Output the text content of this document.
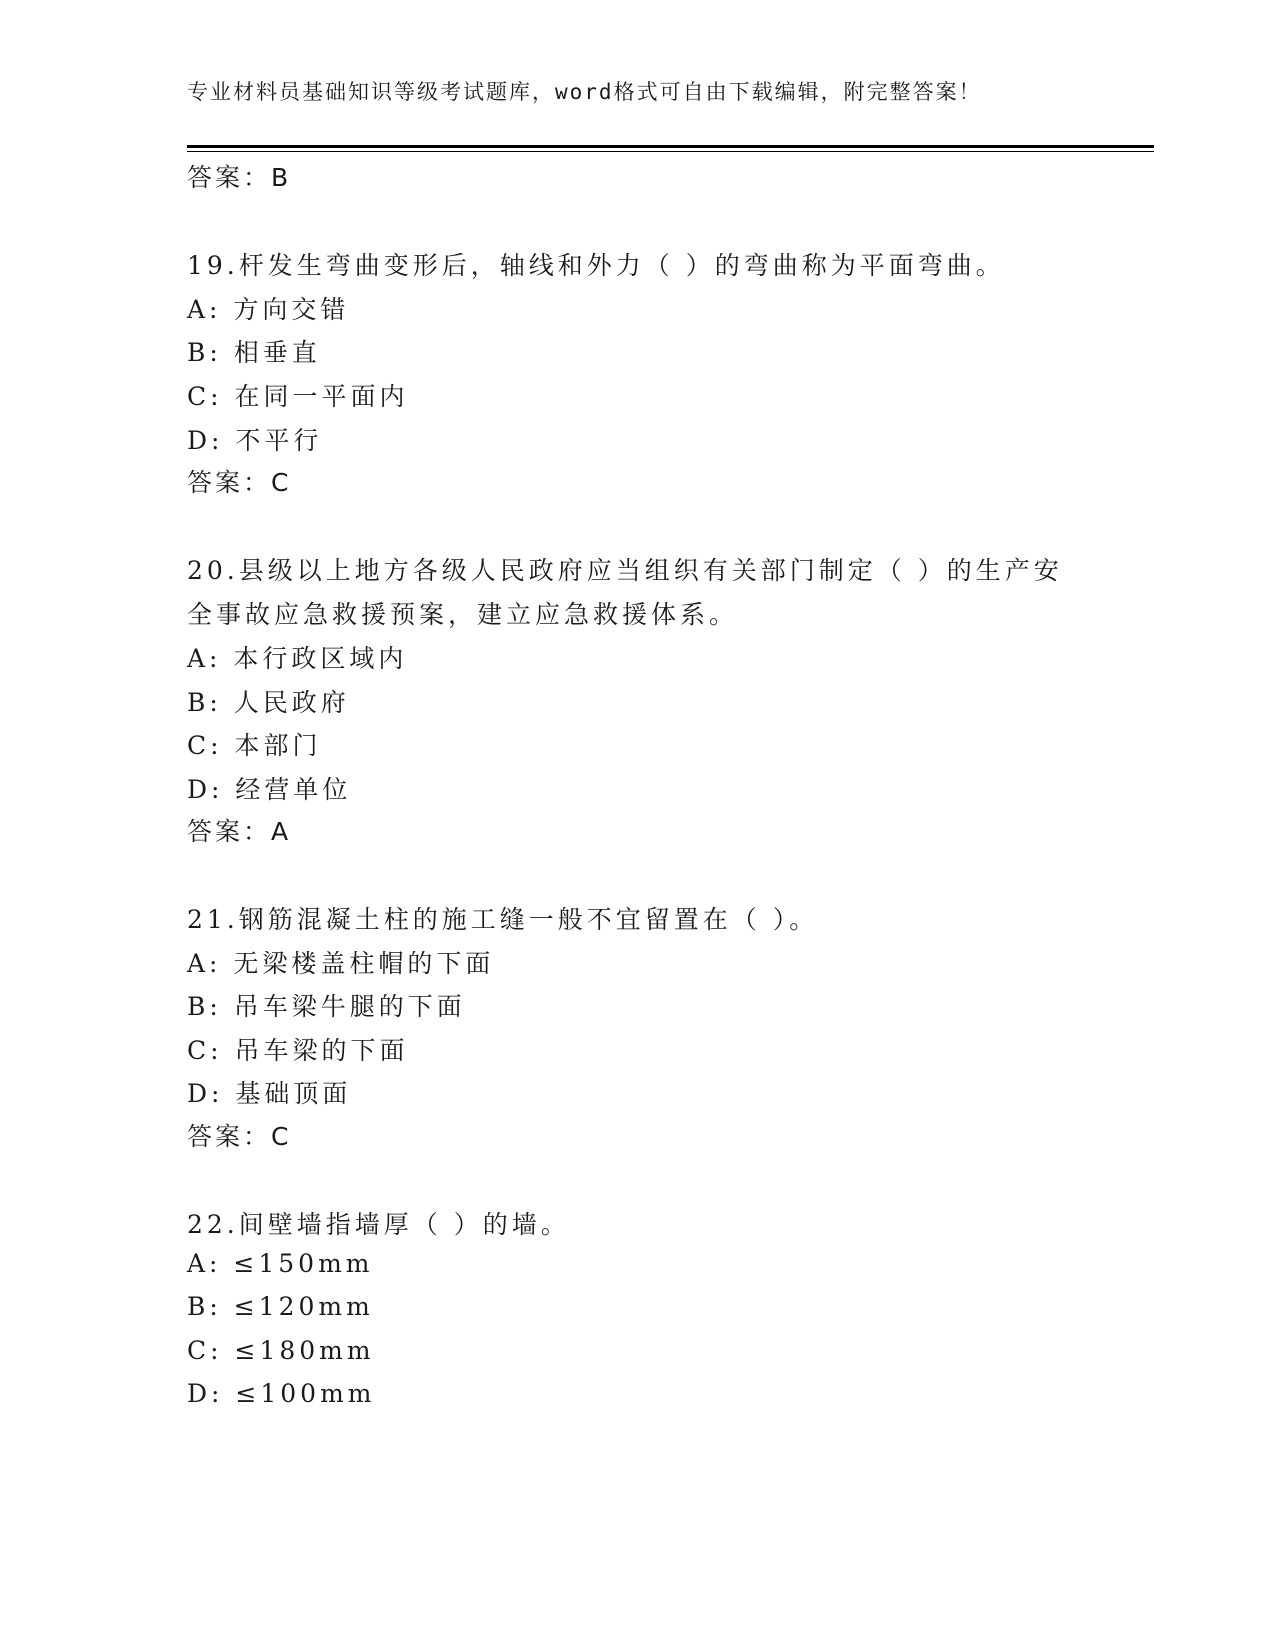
专业材料员基础知识等级考试题库，word格式可自由下载编辑，附完整答案！
答案：B
19.杆发生弯曲变形后，轴线和外力（ ）的弯曲称为平面弯曲。
A: 方向交错
B: 相垂直
C: 在同一平面内
D: 不平行
答案：C
20.县级以上地方各级人民政府应当组织有关部门制定（ ）的生产安
全事故应急救援预案，建立应急救援体系。
A: 本行政区域内
B: 人民政府
C: 本部门
D: 经营单位
答案：A
21.钢筋混凝土柱的施工缝一般不宜留置在（ ）。
A: 无梁楼盖柱帽的下面
B: 吊车梁牛腿的下面
C: 吊车梁的下面
D: 基础顶面
答案：C
22.间壁墙指墙厚（ ）的墙。
A: ≤150mm
B: ≤120mm
C: ≤180mm
D: ≤100mm
